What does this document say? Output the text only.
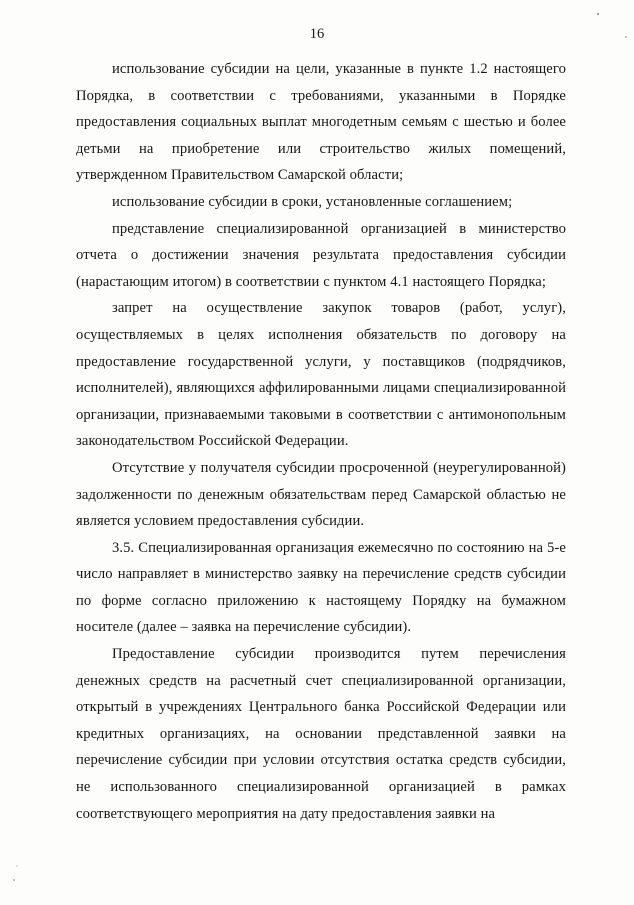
16

использование субсидии на цели, указанные в пункте 1.2 настоящего Порядка, в соответствии с требованиями, указанными в Порядке предоставления социальных выплат многодетным семьям с шестью и более детьми на приобретение или строительство жилых помещений, утвержденном Правительством Самарской области;

использование субсидии в сроки, установленные соглашением;

представление специализированной организацией в министерство отчета о достижении значения результата предоставления субсидии (нарастающим итогом) в соответствии с пунктом 4.1 настоящего Порядка;

запрет на осуществление закупок товаров (работ, услуг), осуществляемых в целях исполнения обязательств по договору на предоставление государственной услуги, у поставщиков (подрядчиков, исполнителей), являющихся аффилированными лицами специализированной организации, признаваемыми таковыми в соответствии с антимонопольным законодательством Российской Федерации.

Отсутствие у получателя субсидии просроченной (неурегулированной) задолженности по денежным обязательствам перед Самарской областью не является условием предоставления субсидии.

3.5. Специализированная организация ежемесячно по состоянию на 5-е число направляет в министерство заявку на перечисление средств субсидии по форме согласно приложению к настоящему Порядку на бумажном носителе (далее – заявка на перечисление субсидии).

Предоставление субсидии производится путем перечисления денежных средств на расчетный счет специализированной организации, открытый в учреждениях Центрального банка Российской Федерации или кредитных организациях, на основании представленной заявки на перечисление субсидии при условии отсутствия остатка средств субсидии, не использованного специализированной организацией в рамках соответствующего мероприятия на дату предоставления заявки на
